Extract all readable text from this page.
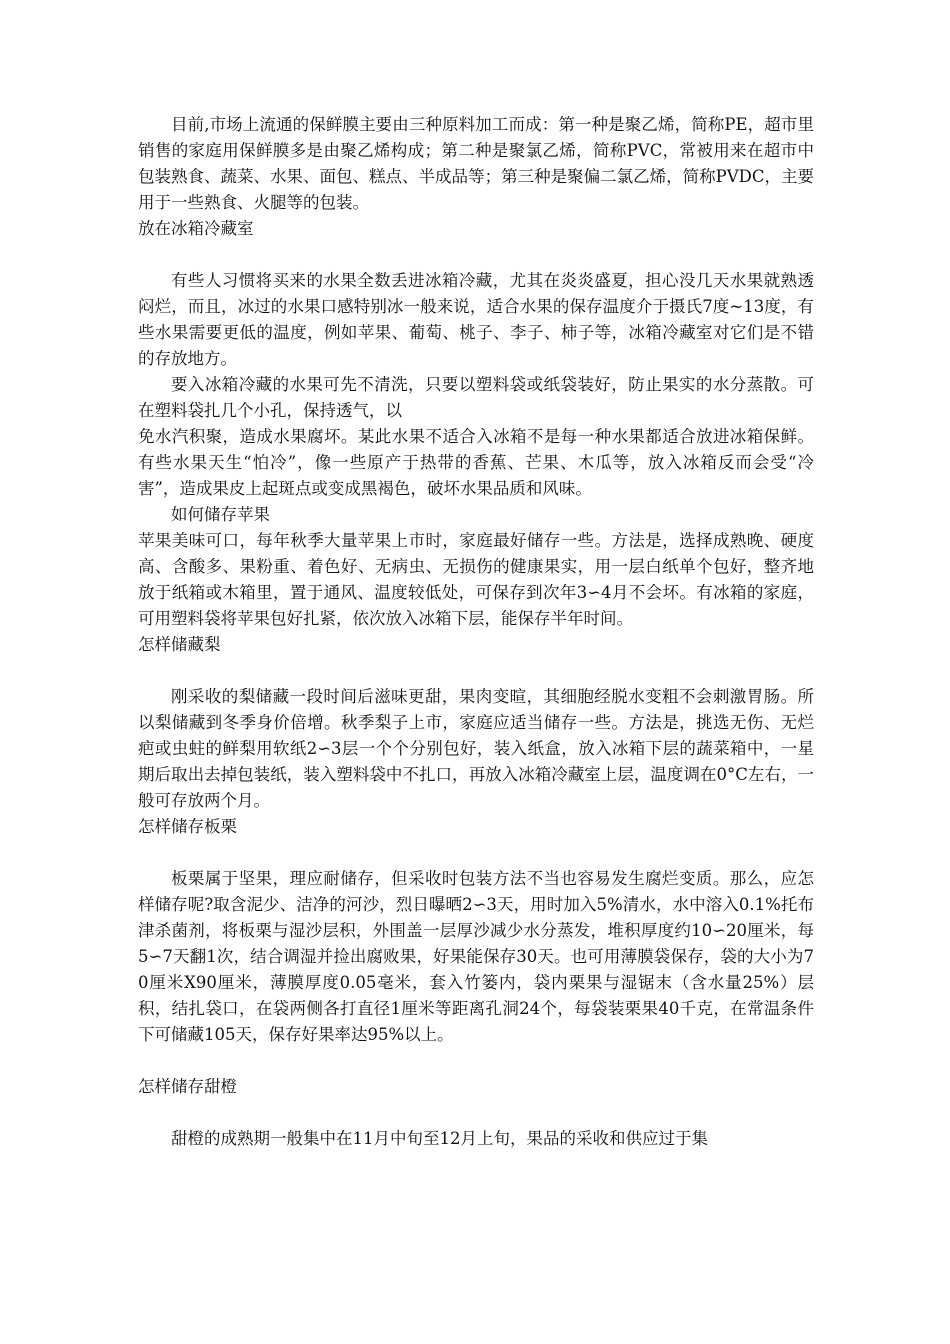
目前,市场上流通的保鲜膜主要由三种原料加工而成：第一种是聚乙烯，简称PE，超市里销售的家庭用保鲜膜多是由聚乙烯构成；第二种是聚氯乙烯，简称PVC，常被用来在超市中包装熟食、蔬菜、水果、面包、糕点、半成品等；第三种是聚偏二氯乙烯，简称PVDC，主要用于一些熟食、火腿等的包装。

放在冰箱冷藏室

有些人习惯将买来的水果全数丢进冰箱冷藏，尤其在炎炎盛夏，担心没几天水果就熟透闷烂，而且，冰过的水果口感特别冰一般来说，适合水果的保存温度介于摄氏7度~13度，有些水果需要更低的温度，例如苹果、葡萄、桃子、李子、柿子等，冰箱冷藏室对它们是不错的存放地方。

要入冰箱冷藏的水果可先不清洗，只要以塑料袋或纸袋装好，防止果实的水分蒸散。可在塑料袋扎几个小孔，保持透气，以

免水汽积聚，造成水果腐坏。某此水果不适合入冰箱不是每一种水果都适合放进冰箱保鲜。有些水果天生“怕冷”，像一些原产于热带的香蕉、芒果、木瓜等，放入冰箱反而会受“冷害”，造成果皮上起斑点或变成黑褐色，破坏水果品质和风味。

如何储存苹果

苹果美味可口，每年秋季大量苹果上市时，家庭最好储存一些。方法是，选择成熟晚、硬度高、含酸多、果粉重、着色好、无病虫、无损伤的健康果实，用一层白纸单个包好，整齐地放于纸箱或木箱里，置于通风、温度较低处，可保存到次年3∽4月不会坏。有冰箱的家庭，可用塑料袋将苹果包好扎紧，依次放入冰箱下层，能保存半年时间。

怎样储藏梨

刚采收的梨储藏一段时间后滋味更甜，果肉变暄，其细胞经脱水变粗不会刺激胃肠。所以梨储藏到冬季身价倍增。秋季梨子上市，家庭应适当储存一些。方法是，挑选无伤、无烂疤或虫蛀的鲜梨用软纸2∽3层一个个分别包好，装入纸盒，放入冰箱下层的蔬菜箱中，一星期后取出去掉包装纸，装入塑料袋中不扎口，再放入冰箱冷藏室上层，温度调在0°C左右，一般可存放两个月。

怎样储存板栗

板栗属于坚果，理应耐储存，但采收时包装方法不当也容易发生腐烂变质。那么，应怎样储存呢?取含泥少、洁净的河沙，烈日曝晒2∽3天，用时加入5%清水，水中溶入0.1%托布津杀菌剂，将板栗与湿沙层积，外围盖一层厚沙减少水分蒸发，堆积厚度约10∽20厘米，每5∽7天翻1次，结合调湿并捡出腐败果，好果能保存30天。也可用薄膜袋保存，袋的大小为70厘米X90厘米，薄膜厚度0.05毫米，套入竹篓内，袋内栗果与湿锯末（含水量25%）层积，结扎袋口，在袋两侧各打直径1厘米等距离孔洞24个，每袋装栗果40千克，在常温条件下可储藏105天，保存好果率达95%以上。

怎样储存甜橙

甜橙的成熟期一般集中在11月中旬至12月上旬，果品的采收和供应过于集
